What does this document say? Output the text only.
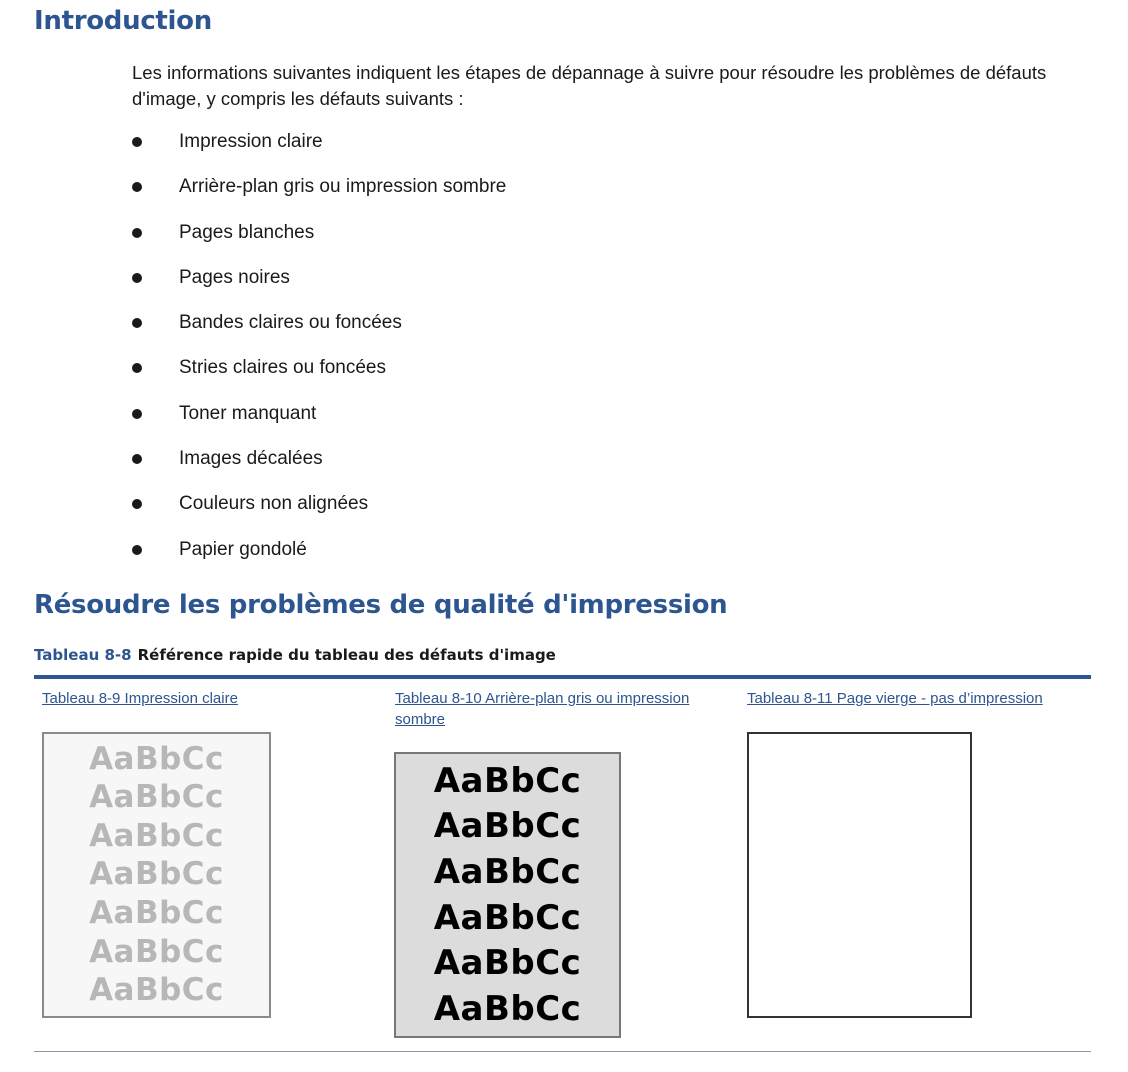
Introduction

Les informations suivantes indiquent les étapes de dépannage à suivre pour résoudre les problèmes de défauts d'image, y compris les défauts suivants :

Impression claire
Arrière-plan gris ou impression sombre
Pages blanches
Pages noires
Bandes claires ou foncées
Stries claires ou foncées
Toner manquant
Images décalées
Couleurs non alignées
Papier gondolé
Résoudre les problèmes de qualité d'impression

Tableau 8-8 Référence rapide du tableau des défauts d'image

Tableau 8-9 Impression claire	Tableau 8-10 Arrière-plan gris ou impression sombre
Tableau 8-11 Page vierge - pas d’impression
AaBbCc
AaBbCc
AaBbCc
AaBbCc
AaBbCc
AaBbCc
AaBbCc
AaBbCc
AaBbCc
AaBbCc
AaBbCc
AaBbCc
AaBbCc
